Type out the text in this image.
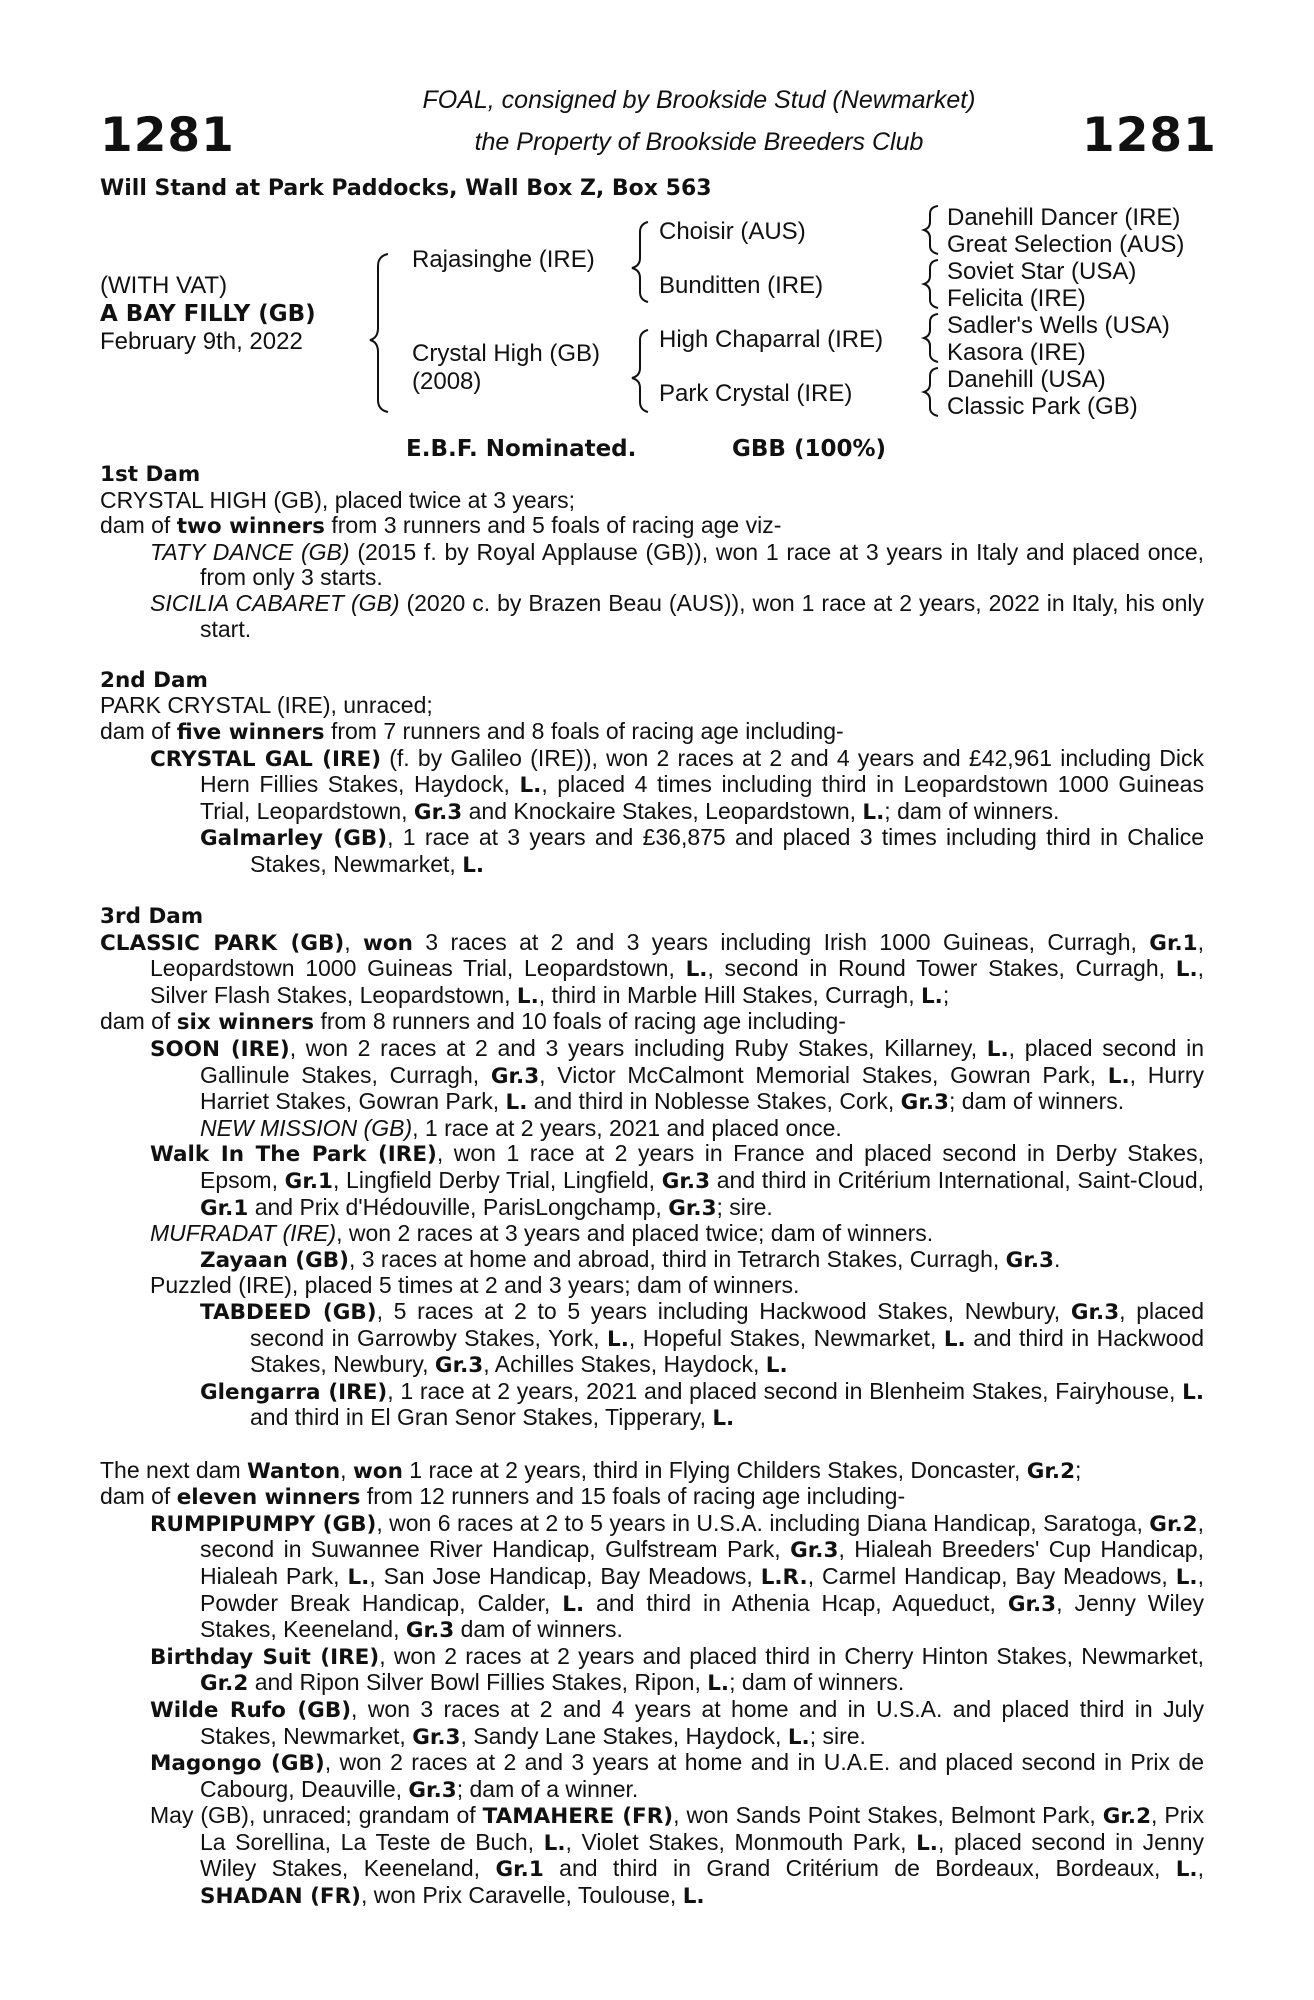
1281	1281
FOAL, consigned by Brookside Stud (Newmarket)
the Property of Brookside Breeders Club
Will Stand at Park Paddocks, Wall Box Z, Box 563
(WITH VAT)
A BAY FILLY (GB)
February 9th, 2022
Rajasinghe (IRE)
Crystal High (GB)
(2008)
Choisir (AUS)
Bunditten (IRE)
High Chaparral (IRE)
Park Crystal (IRE)
Danehill Dancer (IRE)
Great Selection (AUS)
Soviet Star (USA)
Felicita (IRE)
Sadler's Wells (USA)
Kasora (IRE)
Danehill (USA)
Classic Park (GB)
E.B.F. Nominated.	GBB (100%)

1st Dam

CRYSTAL HIGH (GB), placed twice at 3 years;

dam of two winners from 3 runners and 5 foals of racing age viz-

TATY DANCE (GB) (2015 f. by Royal Applause (GB)), won 1 race at 3 years in Italy and placed once, from only 3 starts.

SICILIA CABARET (GB) (2020 c. by Brazen Beau (AUS)), won 1 race at 2 years, 2022 in Italy, his only start.

2nd Dam

PARK CRYSTAL (IRE), unraced;

dam of five winners from 7 runners and 8 foals of racing age including-

CRYSTAL GAL (IRE) (f. by Galileo (IRE)), won 2 races at 2 and 4 years and £42,961 including Dick Hern Fillies Stakes, Haydock, L., placed 4 times including third in Leopardstown 1000 Guineas Trial, Leopardstown, Gr.3 and Knockaire Stakes, Leopardstown, L.; dam of winners.

Galmarley (GB), 1 race at 3 years and £36,875 and placed 3 times including third in Chalice Stakes, Newmarket, L.

3rd Dam

CLASSIC PARK (GB), won 3 races at 2 and 3 years including Irish 1000 Guineas, Curragh, Gr.1, Leopardstown 1000 Guineas Trial, Leopardstown, L., second in Round Tower Stakes, Curragh, L., Silver Flash Stakes, Leopardstown, L., third in Marble Hill Stakes, Curragh, L.;

dam of six winners from 8 runners and 10 foals of racing age including-

SOON (IRE), won 2 races at 2 and 3 years including Ruby Stakes, Killarney, L., placed second in Gallinule Stakes, Curragh, Gr.3, Victor McCalmont Memorial Stakes, Gowran Park, L., Hurry Harriet Stakes, Gowran Park, L. and third in Noblesse Stakes, Cork, Gr.3; dam of winners.

NEW MISSION (GB), 1 race at 2 years, 2021 and placed once.

Walk In The Park (IRE), won 1 race at 2 years in France and placed second in Derby Stakes, Epsom, Gr.1, Lingfield Derby Trial, Lingfield, Gr.3 and third in Critérium International, Saint-Cloud, Gr.1 and Prix d'Hédouville, ParisLongchamp, Gr.3; sire.

MUFRADAT (IRE), won 2 races at 3 years and placed twice; dam of winners.

Zayaan (GB), 3 races at home and abroad, third in Tetrarch Stakes, Curragh, Gr.3.

Puzzled (IRE), placed 5 times at 2 and 3 years; dam of winners.

TABDEED (GB), 5 races at 2 to 5 years including Hackwood Stakes, Newbury, Gr.3, placed second in Garrowby Stakes, York, L., Hopeful Stakes, Newmarket, L. and third in Hackwood Stakes, Newbury, Gr.3, Achilles Stakes, Haydock, L.

Glengarra (IRE), 1 race at 2 years, 2021 and placed second in Blenheim Stakes, Fairyhouse, L. and third in El Gran Senor Stakes, Tipperary, L.

The next dam Wanton, won 1 race at 2 years, third in Flying Childers Stakes, Doncaster, Gr.2;

dam of eleven winners from 12 runners and 15 foals of racing age including-

RUMPIPUMPY (GB), won 6 races at 2 to 5 years in U.S.A. including Diana Handicap, Saratoga, Gr.2, second in Suwannee River Handicap, Gulfstream Park, Gr.3, Hialeah Breeders' Cup Handicap, Hialeah Park, L., San Jose Handicap, Bay Meadows, L.R., Carmel Handicap, Bay Meadows, L., Powder Break Handicap, Calder, L. and third in Athenia Hcap, Aqueduct, Gr.3, Jenny Wiley Stakes, Keeneland, Gr.3 dam of winners.

Birthday Suit (IRE), won 2 races at 2 years and placed third in Cherry Hinton Stakes, Newmarket, Gr.2 and Ripon Silver Bowl Fillies Stakes, Ripon, L.; dam of winners.

Wilde Rufo (GB), won 3 races at 2 and 4 years at home and in U.S.A. and placed third in July Stakes, Newmarket, Gr.3, Sandy Lane Stakes, Haydock, L.; sire.

Magongo (GB), won 2 races at 2 and 3 years at home and in U.A.E. and placed second in Prix de Cabourg, Deauville, Gr.3; dam of a winner.

May (GB), unraced; grandam of TAMAHERE (FR), won Sands Point Stakes, Belmont Park, Gr.2, Prix La Sorellina, La Teste de Buch, L., Violet Stakes, Monmouth Park, L., placed second in Jenny Wiley Stakes, Keeneland, Gr.1 and third in Grand Critérium de Bordeaux, Bordeaux, L., SHADAN (FR), won Prix Caravelle, Toulouse, L.
